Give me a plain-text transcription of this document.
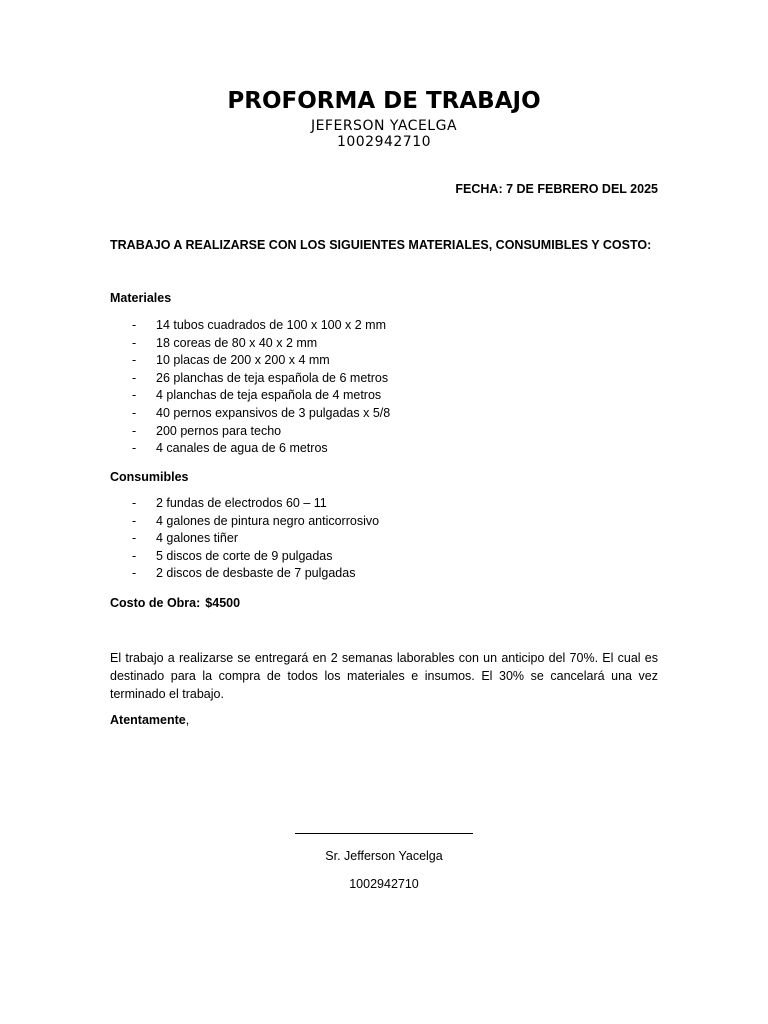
PROFORMA DE TRABAJO
JEFERSON YACELGA
1002942710
FECHA: 7 DE FEBRERO DEL 2025
TRABAJO A REALIZARSE CON LOS SIGUIENTES MATERIALES, CONSUMIBLES Y COSTO:
Materiales
- 14 tubos cuadrados de 100 x 100 x 2 mm
- 18 coreas de 80 x 40 x 2 mm
- 10 placas de 200 x 200 x 4 mm
- 26 planchas de teja española de 6 metros
- 4 planchas de teja española de 4 metros
- 40 pernos expansivos de 3 pulgadas x 5/8
- 200 pernos para techo
- 4 canales de agua de 6 metros
Consumibles
- 2 fundas de electrodos 60 – 11
- 4 galones de pintura negro anticorrosivo
- 4 galones tiñer
- 5 discos de corte de 9 pulgadas
- 2 discos de desbaste de 7 pulgadas
Costo de Obra: $4500

El trabajo a realizarse se entregará en 2 semanas laborables con un anticipo del 70%. El cual es destinado para la compra de todos los materiales e insumos. El 30% se cancelará una vez terminado el trabajo.

Atentamente,
Sr. Jefferson Yacelga
1002942710
